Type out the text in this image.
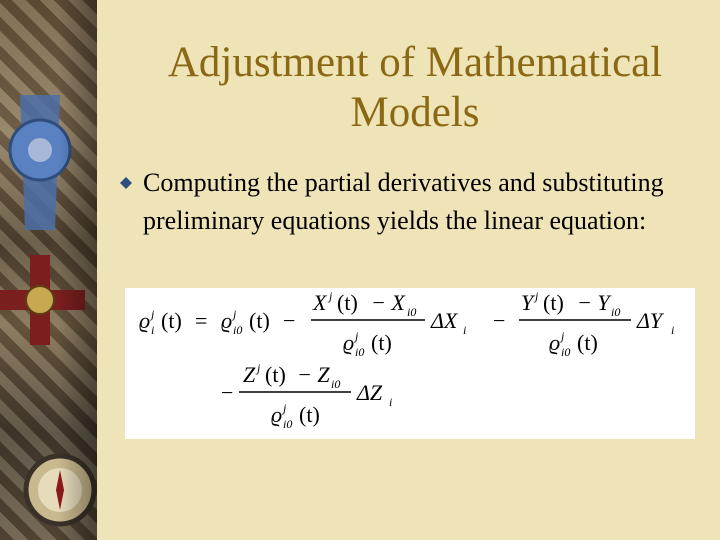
Adjustment of Mathematical
Models
Computing the partial derivatives and substituting preliminary equations yields the linear equation:
ϱ j
i (t) = ϱ j
i0 (t) −
X j (t) − X i0
ϱ j
i0 (t)
ΔX i −
Y j (t) − Y i0
ϱ j
i0 (t)
ΔY i
−
Z j (t) − Z i0
ϱ j
i0 (t)
ΔZ i
